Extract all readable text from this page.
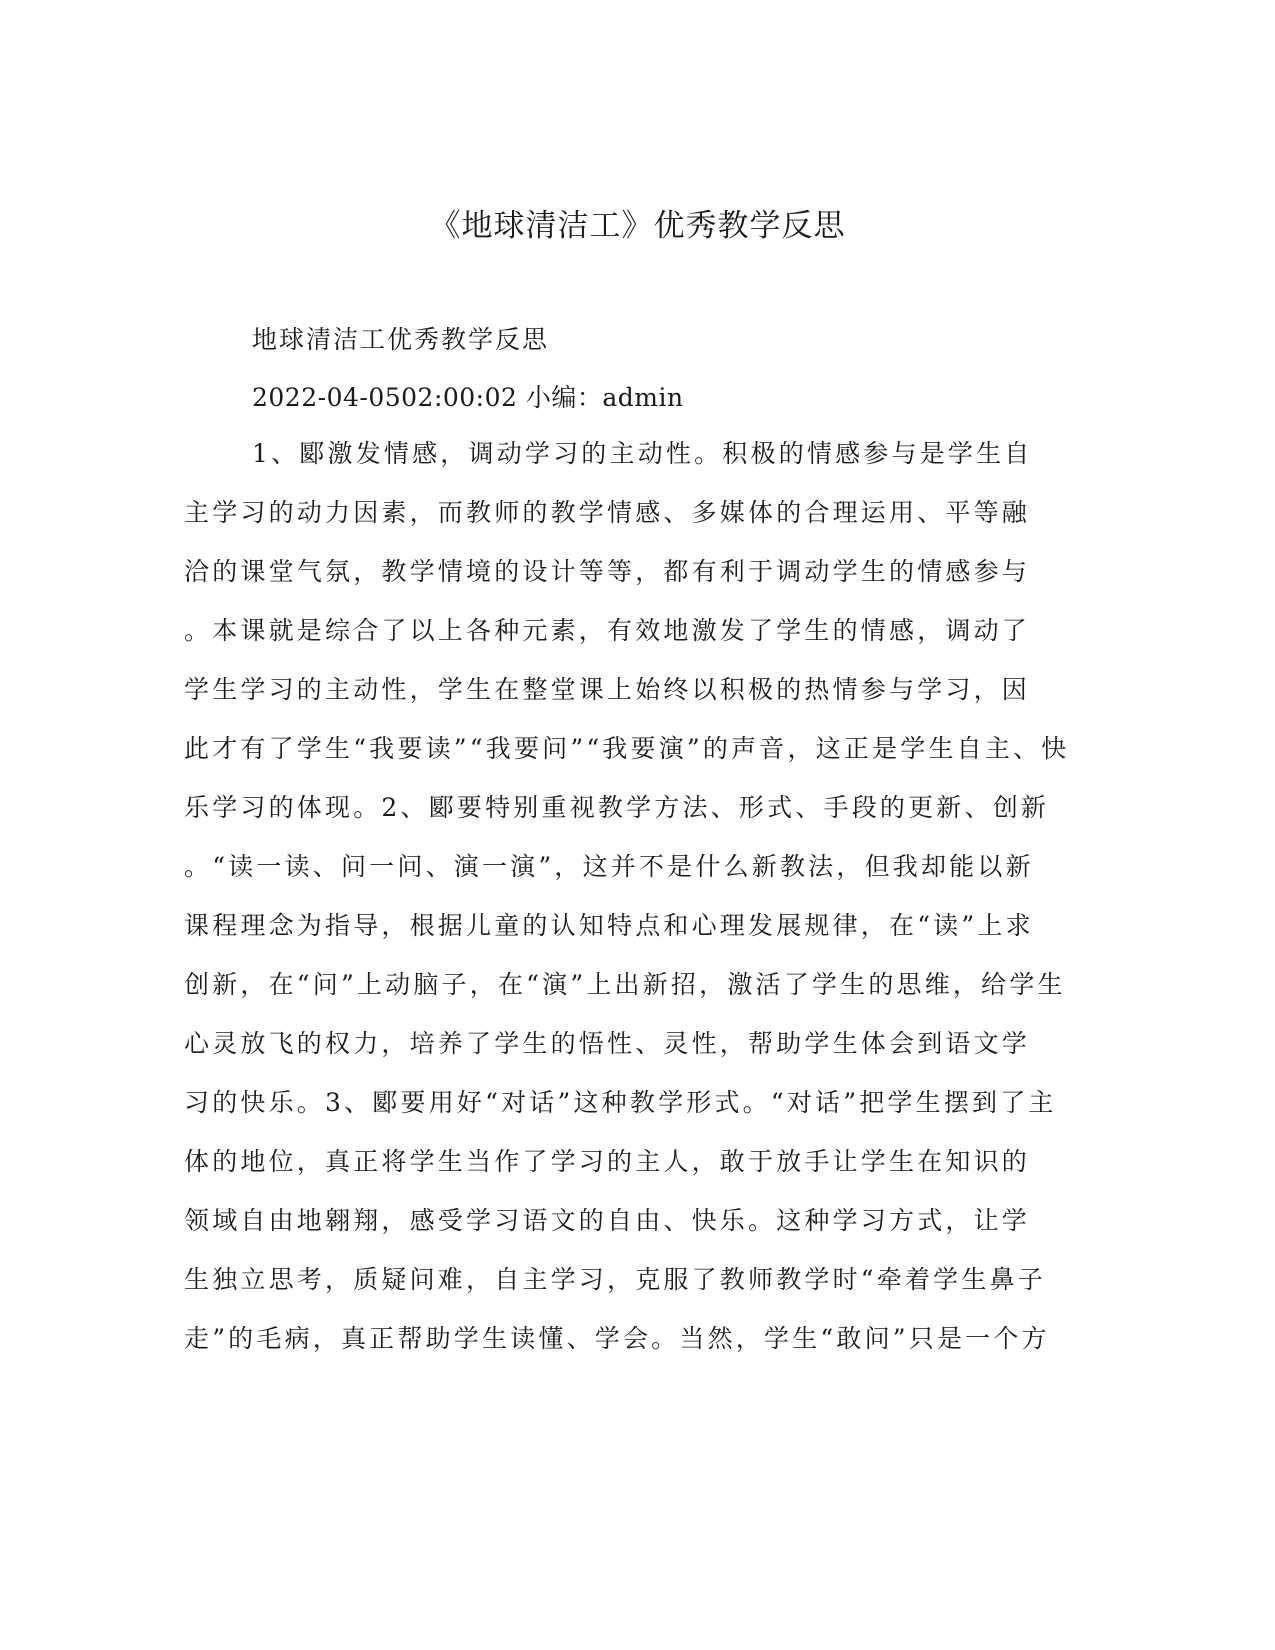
《地球清洁工》优秀教学反思
地球清洁工优秀教学反思
2022-04-0502:00:02 小编：admin
1、郾激发情感，调动学习的主动性。积极的情感参与是学生自
主学习的动力因素，而教师的教学情感、多媒体的合理运用、平等融
洽的课堂气氛，教学情境的设计等等，都有利于调动学生的情感参与
。本课就是综合了以上各种元素，有效地激发了学生的情感，调动了
学生学习的主动性，学生在整堂课上始终以积极的热情参与学习，因
此才有了学生“我要读”“我要问”“我要演”的声音，这正是学生自主、快
乐学习的体现。2、郾要特别重视教学方法、形式、手段的更新、创新
。“读一读、问一问、演一演”，这并不是什么新教法，但我却能以新
课程理念为指导，根据儿童的认知特点和心理发展规律，在“读”上求
创新，在“问”上动脑子，在“演”上出新招，激活了学生的思维，给学生
心灵放飞的权力，培养了学生的悟性、灵性，帮助学生体会到语文学
习的快乐。3、郾要用好“对话”这种教学形式。“对话”把学生摆到了主
体的地位，真正将学生当作了学习的主人，敢于放手让学生在知识的
领域自由地翱翔，感受学习语文的自由、快乐。这种学习方式，让学
生独立思考，质疑问难，自主学习，克服了教师教学时“牵着学生鼻子
走”的毛病，真正帮助学生读懂、学会。当然，学生“敢问”只是一个方
